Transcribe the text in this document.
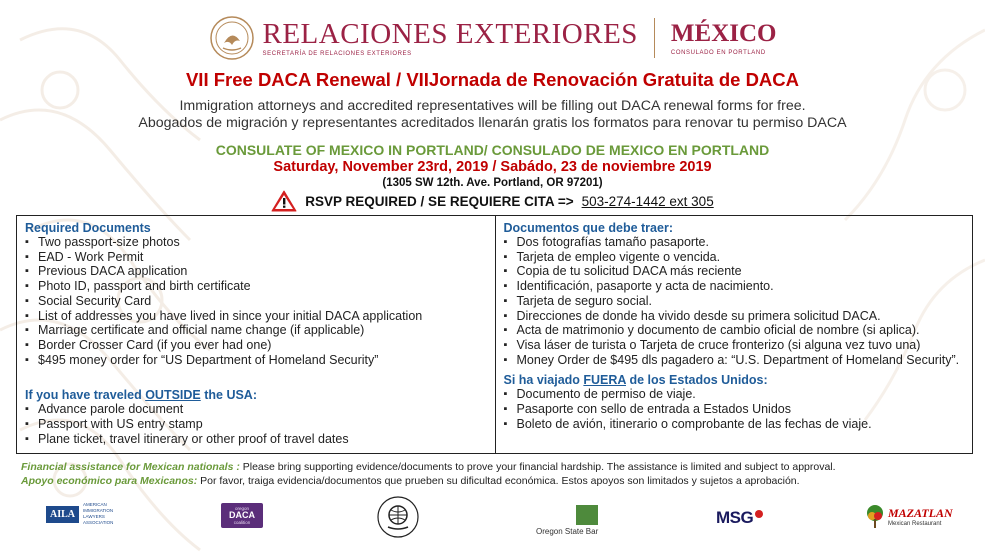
RELACIONES EXTERIORES
SECRETARÍA DE RELACIONES EXTERIORES
MÉXICO
CONSULADO EN PORTLAND
VII Free DACA Renewal / VIIJornada de Renovación Gratuita de DACA
Immigration attorneys and accredited representatives will be filling out DACA renewal forms for free.
Abogados de migración y representantes acreditados llenarán gratis los formatos para renovar tu permiso DACA
CONSULATE OF MEXICO IN PORTLAND/ CONSULADO DE MEXICO EN PORTLAND
Saturday, November 23rd, 2019 / Sabádo, 23 de noviembre 2019
(1305 SW 12th. Ave. Portland, OR 97201)
RSVP REQUIRED / SE REQUIERE CITA => 503-274-1442 ext 305
Required Documents
▪ Two passport-size photos
▪ EAD - Work Permit
▪ Previous DACA application
▪ Photo ID, passport and birth certificate
▪ Social Security Card
▪ List of addresses you have lived in since your initial DACA application
▪ Marriage certificate and official name change (if applicable)
▪ Border Crosser Card (if you ever had one)
▪ $495 money order for “US Department of Homeland Security”
If you have traveled OUTSIDE the USA:
▪ Advance parole document
▪ Passport with US entry stamp
▪ Plane ticket, travel itinerary or other proof of travel dates
Documentos que debe traer:
▪ Dos fotografías tamaño pasaporte.
▪ Tarjeta de empleo vigente o vencida.
▪ Copia de tu solicitud DACA más reciente
▪ Identificación, pasaporte y acta de nacimiento.
▪ Tarjeta de seguro social.
▪ Direcciones de donde ha vivido desde su primera solicitud DACA.
▪ Acta de matrimonio y documento de cambio oficial de nombre (si aplica).
▪ Visa láser de turista o Tarjeta de cruce fronterizo (si alguna vez tuvo una)
▪ Money Order de $495 dls pagadero a: “U.S. Department of Homeland Security”.
Si ha viajado FUERA de los Estados Unidos:
▪ Documento de permiso de viaje.
▪ Pasaporte con sello de entrada a Estados Unidos
▪ Boleto de avión, itinerario o comprobante de las fechas de viaje.
Financial assistance for Mexican nationals : Please bring supporting evidence/documents to prove your financial hardship. The assistance is limited and subject to approval.
Apoyo económico para Mexicanos: Por favor, traiga evidencia/documentos que prueben su dificultad económica. Estos apoyos son limitados y sujetos a aprobación.
AILA
AMERICAN IMMIGRATION LAWYERS ASSOCIATION
oregon
DACA
coalition
Oregon State Bar
MSG	MAZATLAN
Mexican Restaurant
